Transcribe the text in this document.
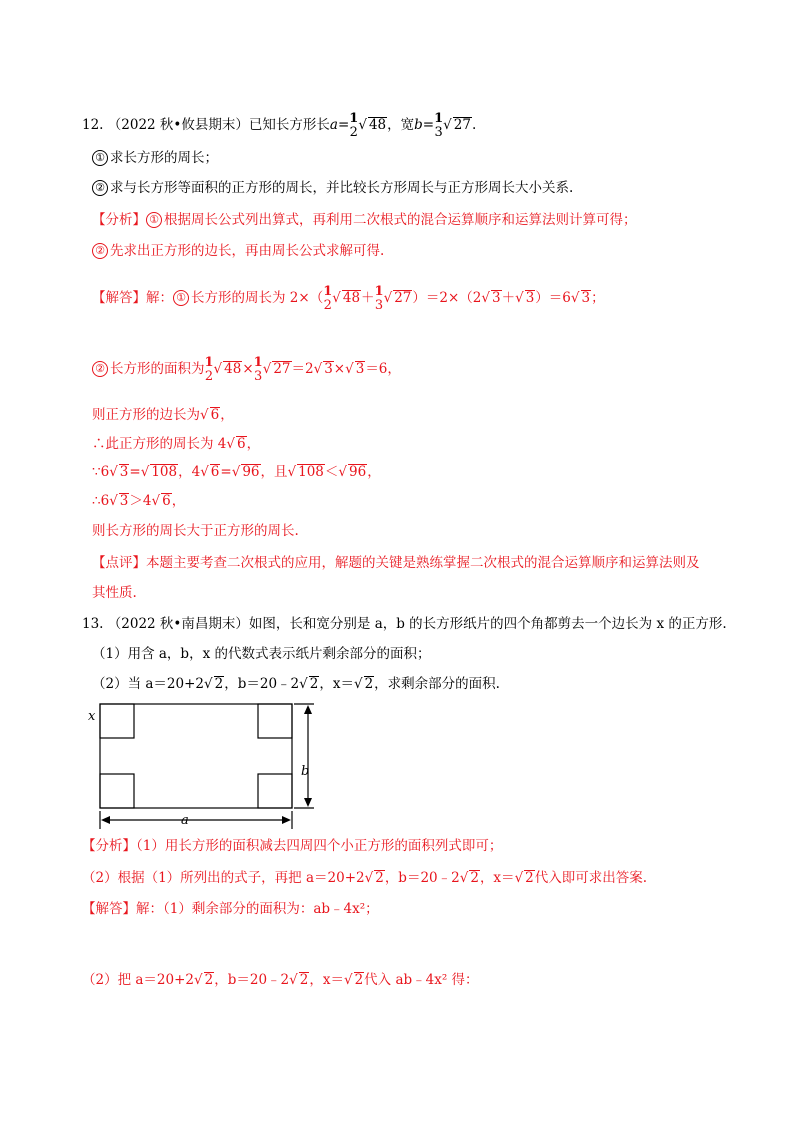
12. （2022 秋•攸县期末）已知长方形长a= 1
2 √ 48，宽b= 1
3 √ 27.
① 求长方形的周长；
② 求与长方形等面积的正方形的周长，并比较长方形周长与正方形周长大小关系.
【分析】 ① 根据周长公式列出算式，再利用二次根式的混合运算顺序和运算法则计算可得；
② 先求出正方形的边长，再由周长公式求解可得.
【解答】解： ① 长方形的周长为 2×（ 1
2 √ 48＋ 1
3 √ 27）＝2×（2√ 3＋√ 3）＝6√ 3；
② 长方形的面积为 1
2 √ 48× 1
3 √ 27＝2√ 3×√ 3＝6，
则正方形的边长为√ 6，
∴此正方形的周长为 4√ 6，
∵6√ 3=√ 108，4√ 6=√ 96，且√ 108＜√ 96，
∴6√ 3＞4√ 6，
则长方形的周长大于正方形的周长.
【点评】本题主要考查二次根式的应用，解题的关键是熟练掌握二次根式的混合运算顺序和运算法则及
其性质.
13. （2022 秋•南昌期末）如图，长和宽分别是 a，b 的长方形纸片的四个角都剪去一个边长为 x 的正方形.
（1）用含 a，b，x 的代数式表示纸片剩余部分的面积；
（2）当 a＝20+2√ 2，b＝20﹣2√ 2，x＝√ 2，求剩余部分的面积.
x
b
a
【分析】（1）用长方形的面积减去四周四个小正方形的面积列式即可；
（2）根据（1）所列出的式子，再把 a＝20+2√ 2，b＝20﹣2√ 2，x＝√ 2代入即可求出答案.
【解答】解：（1）剩余部分的面积为：ab﹣4x²；
（2）把 a＝20+2√ 2，b＝20﹣2√ 2，x＝√ 2代入 ab﹣4x² 得：
